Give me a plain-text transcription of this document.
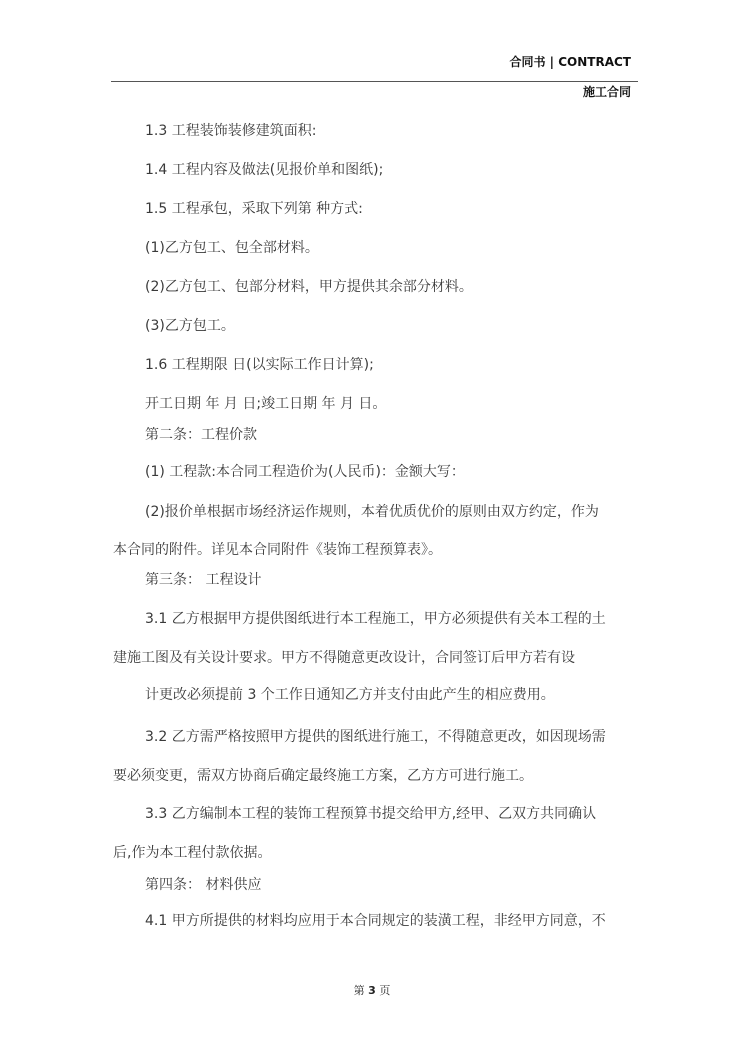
合同书 | CONTRACT
施工合同
1.3 工程装饰装修建筑面积:
1.4 工程内容及做法(见报价单和图纸);
1.5 工程承包，采取下列第 种方式:
(1)乙方包工、包全部材料。
(2)乙方包工、包部分材料，甲方提供其余部分材料。
(3)乙方包工。
1.6 工程期限 日(以实际工作日计算);
开工日期 年 月 日;竣工日期 年 月 日。
第二条：工程价款
(1) 工程款:本合同工程造价为(人民币)：金额大写：
(2)报价单根据市场经济运作规则，本着优质优价的原则由双方约定，作为
本合同的附件。详见本合同附件《装饰工程预算表》。
第三条： 工程设计
3.1 乙方根据甲方提供图纸进行本工程施工，甲方必须提供有关本工程的土
建施工图及有关设计要求。甲方不得随意更改设计，合同签订后甲方若有设
计更改必须提前 3 个工作日通知乙方并支付由此产生的相应费用。
3.2 乙方需严格按照甲方提供的图纸进行施工，不得随意更改，如因现场需
要必须变更，需双方协商后确定最终施工方案，乙方方可进行施工。
3.3 乙方编制本工程的装饰工程预算书提交给甲方,经甲、乙双方共同确认
后,作为本工程付款依据。
第四条： 材料供应
4.1 甲方所提供的材料均应用于本合同规定的装潢工程，非经甲方同意，不
第 3 页
